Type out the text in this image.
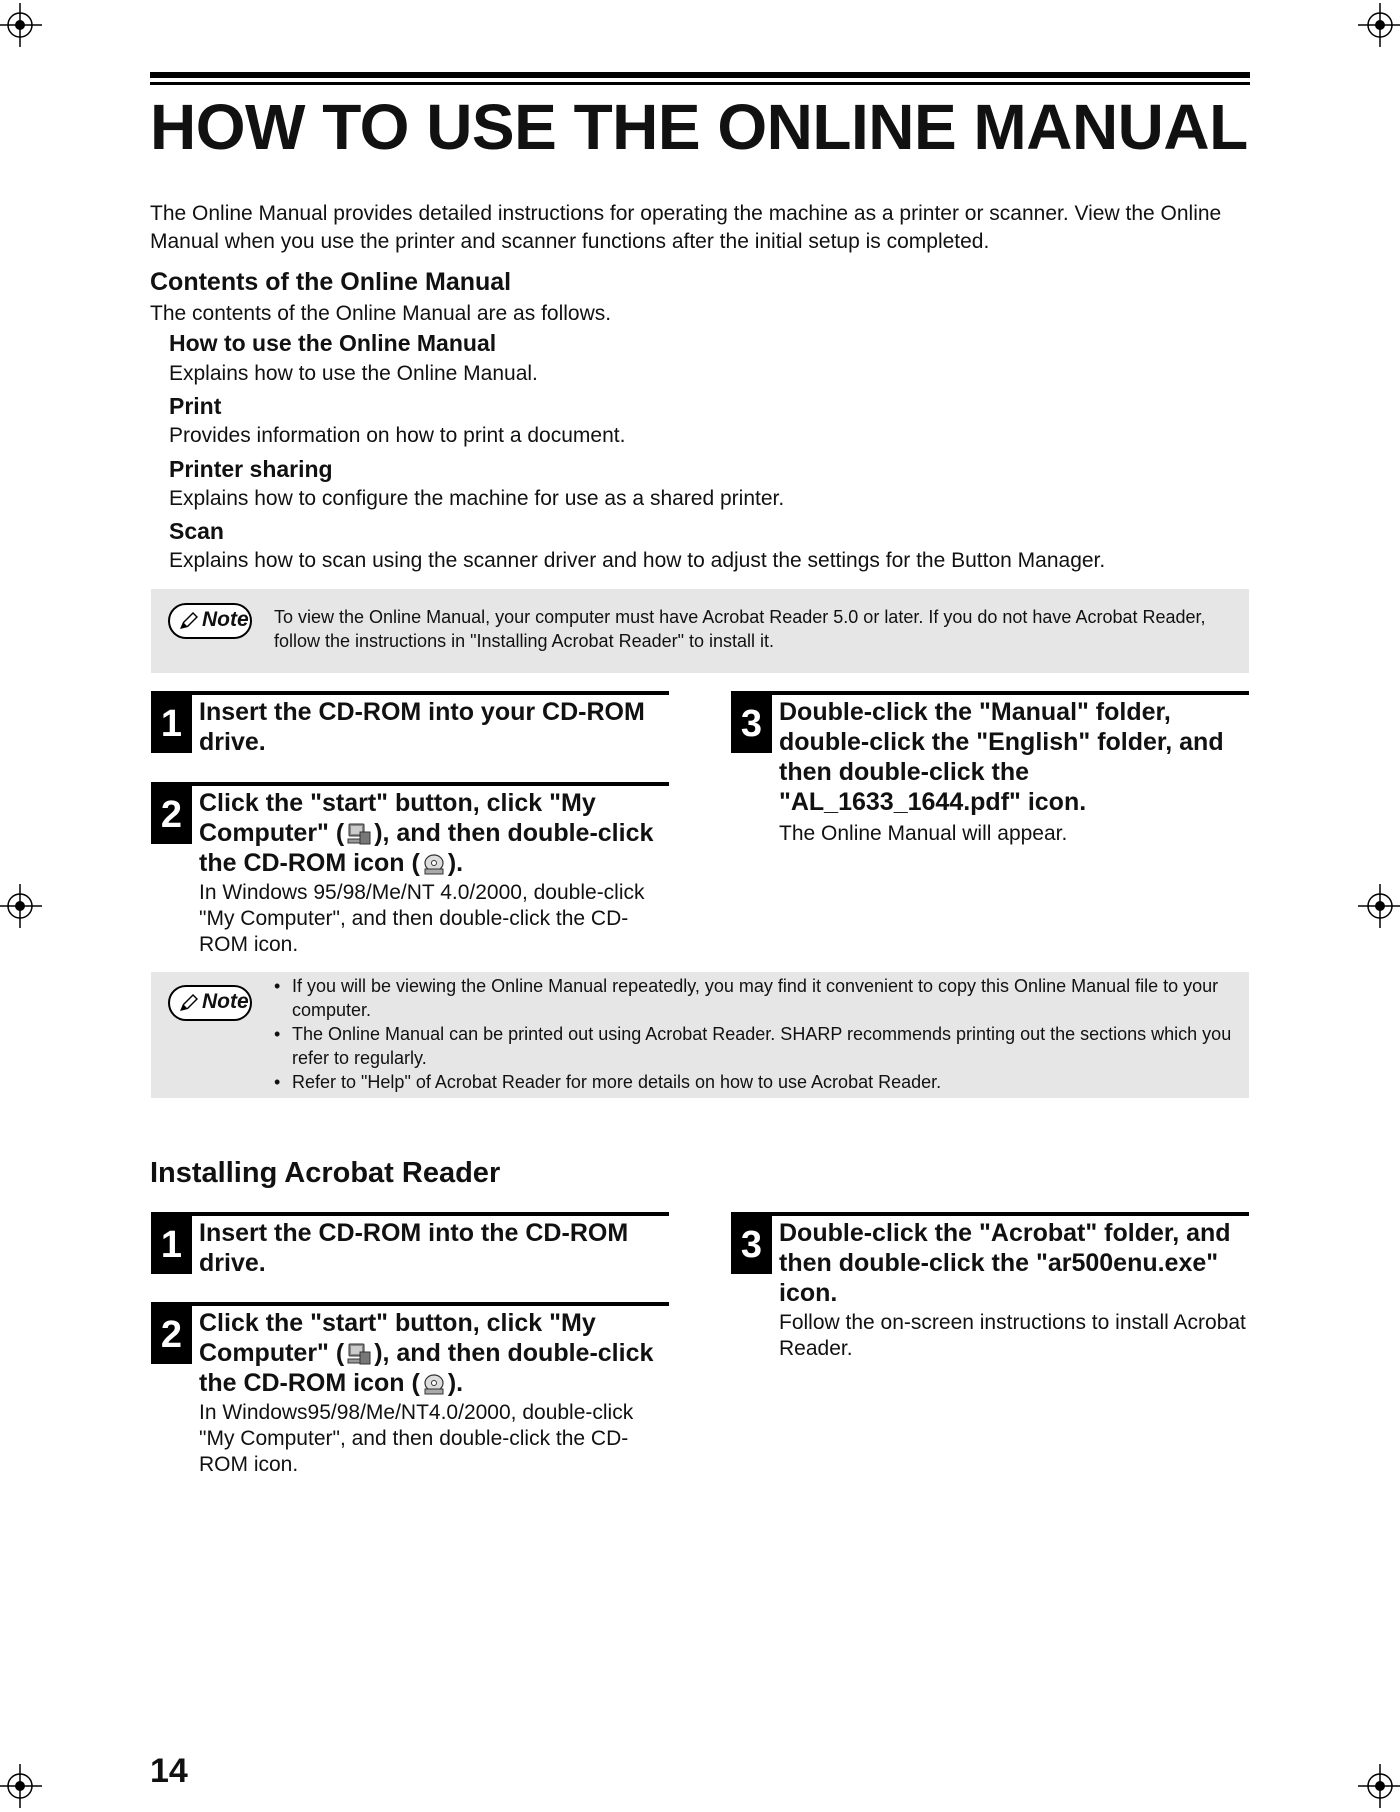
HOW TO USE THE ONLINE MANUAL
The Online Manual provides detailed instructions for operating the machine as a printer or scanner. View the Online Manual when you use the printer and scanner functions after the initial setup is completed.
Contents of the Online Manual
The contents of the Online Manual are as follows.
How to use the Online Manual
Explains how to use the Online Manual.
Print
Provides information on how to print a document.
Printer sharing
Explains how to configure the machine for use as a shared printer.
Scan
Explains how to scan using the scanner driver and how to adjust the settings for the Button Manager.
Note To view the Online Manual, your computer must have Acrobat Reader 5.0 or later. If you do not have Acrobat Reader, follow the instructions in "Installing Acrobat Reader" to install it.
1 Insert the CD-ROM into your CD-ROM drive.
2 Click the "start" button, click "My Computer" ( ), and then double-click the CD-ROM icon ( ).
In Windows 95/98/Me/NT 4.0/2000, double-click "My Computer", and then double-click the CD-ROM icon.
3 Double-click the "Manual" folder, double-click the "English" folder, and then double-click the "AL_1633_1644.pdf" icon.
The Online Manual will appear.
Note
• If you will be viewing the Online Manual repeatedly, you may find it convenient to copy this Online Manual file to your computer.
• The Online Manual can be printed out using Acrobat Reader. SHARP recommends printing out the sections which you refer to regularly.
• Refer to "Help" of Acrobat Reader for more details on how to use Acrobat Reader.
Installing Acrobat Reader
1 Insert the CD-ROM into the CD-ROM drive.
2 Click the "start" button, click "My Computer" ( ), and then double-click the CD-ROM icon ( ).
In Windows95/98/Me/NT4.0/2000, double-click "My Computer", and then double-click the CD-ROM icon.
3 Double-click the "Acrobat" folder, and then double-click the "ar500enu.exe" icon.
Follow the on-screen instructions to install Acrobat Reader.
14
